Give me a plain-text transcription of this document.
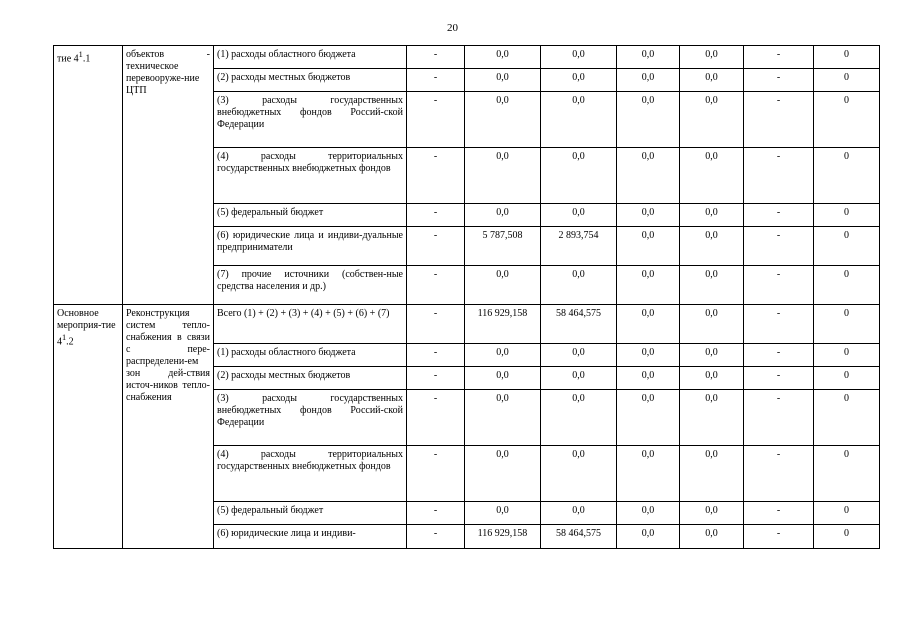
20
тие $4^1.1$	объектов - техническое перевооруже-ние ЦТП	(1) расходы областного бюджета	-	0,0	0,0	0,0	0,0	-	0
		(2) расходы местных бюджетов	-	0,0	0,0	0,0	0,0	-	0
		(3) расходы государственных внебюджетных фондов Россий-ской Федерации	-	0,0	0,0	0,0	0,0	-	0
		(4) расходы территориальных государственных внебюджетных фондов	-	0,0	0,0	0,0	0,0	-	0
		(5) федеральный бюджет	-	0,0	0,0	0,0	0,0	-	0
		(6) юридические лица и индиви-дуальные предприниматели	-	5 787,508	2 893,754	0,0	0,0	-	0
		(7) прочие источники (собствен-ные средства населения и др.)	-	0,0	0,0	0,0	0,0	-	0
Основное мероприя-тие $4^1.2$	Реконструкция систем тепло-снабжения в связи с пере-распределени-ем зон дей-ствия источ-ников тепло-снабжения	Всего (1) + (2) + (3) + (4) + (5) + (6) + (7)	-	116 929,158	58 464,575	0,0	0,0	-	0
		(1) расходы областного бюджета	-	0,0	0,0	0,0	0,0	-	0
		(2) расходы местных бюджетов	-	0,0	0,0	0,0	0,0	-	0
		(3) расходы государственных внебюджетных фондов Россий-ской Федерации	-	0,0	0,0	0,0	0,0	-	0
		(4) расходы территориальных государственных внебюджетных фондов	-	0,0	0,0	0,0	0,0	-	0
		(5) федеральный бюджет	-	0,0	0,0	0,0	0,0	-	0
		(6) юридические лица и индиви-	-	116 929,158	58 464,575	0,0	0,0	-	0
